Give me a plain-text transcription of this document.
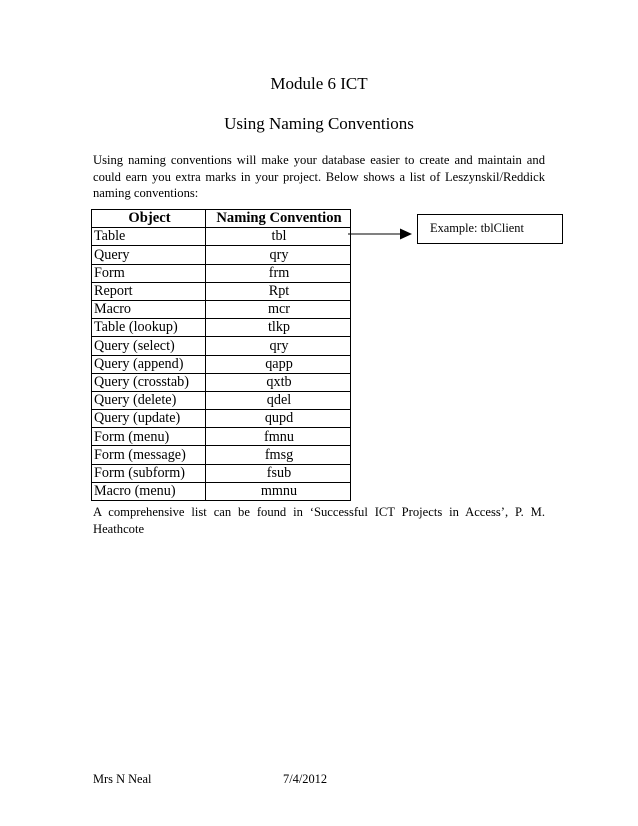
Module 6 ICT
Using Naming Conventions

Using naming conventions will make your database easier to create and maintain and could earn you extra marks in your project. Below shows a list of Leszynskil/Reddick naming conventions:

Object	Naming Convention
Table	tbl
Query	qry
Form	frm
Report	Rpt
Macro	mcr
Table (lookup)	tlkp
Query (select)	qry
Query (append)	qapp
Query (crosstab)	qxtb
Query (delete)	qdel
Query (update)	qupd
Form (menu)	fmnu
Form (message)	fmsg
Form (subform)	fsub
Macro (menu)	mmnu
Example: tblClient

A comprehensive list can be found in ‘Successful ICT Projects in Access’, P. M. Heathcote

Mrs N Neal	7/4/2012
